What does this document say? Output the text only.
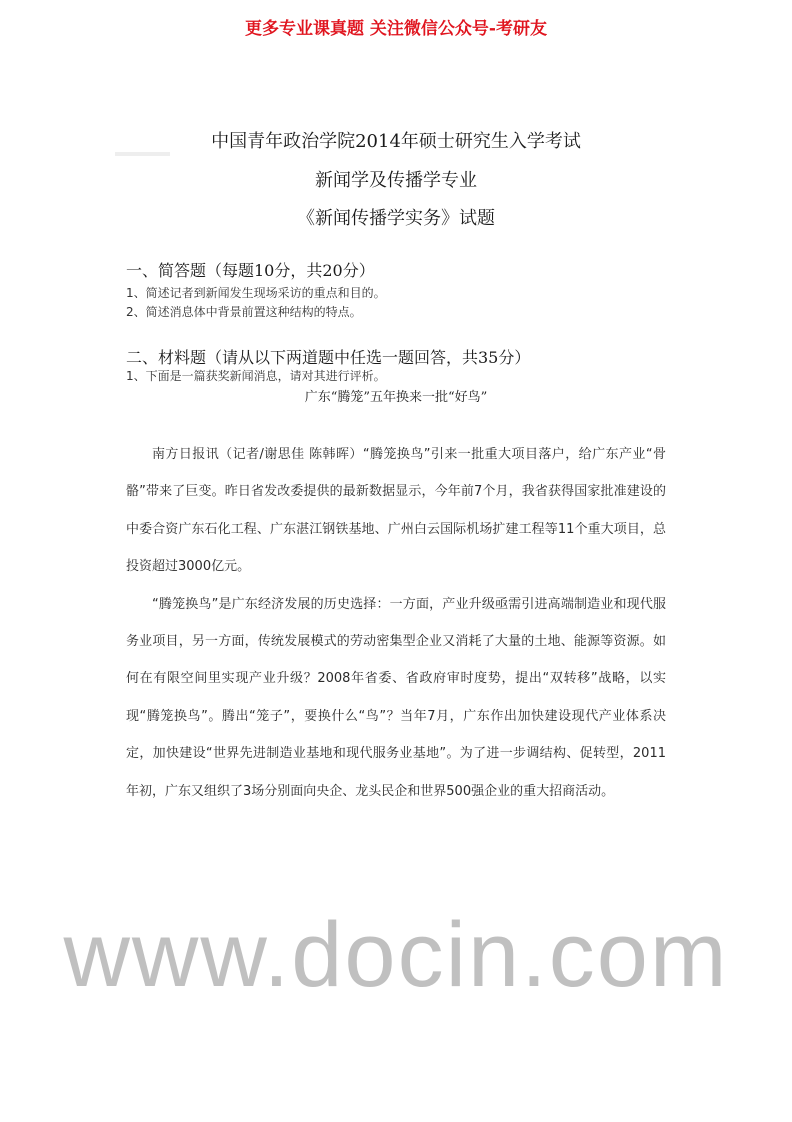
更多专业课真题 关注微信公众号-考研友
中国青年政治学院2014年硕士研究生入学考试
新闻学及传播学专业
《新闻传播学实务》试题
一、简答题（每题10分，共20分）
1、简述记者到新闻发生现场采访的重点和目的。
2、简述消息体中背景前置这种结构的特点。
二、材料题（请从以下两道题中任选一题回答，共35分）
1、下面是一篇获奖新闻消息，请对其进行评析。
广东“腾笼”五年换来一批“好鸟”

南方日报讯（记者/谢思佳 陈韩晖）“腾笼换鸟”引来一批重大项目落户，给广东产业“骨骼”带来了巨变。昨日省发改委提供的最新数据显示，今年前7个月，我省获得国家批准建设的中委合资广东石化工程、广东湛江钢铁基地、广州白云国际机场扩建工程等11个重大项目，总投资超过3000亿元。

“腾笼换鸟”是广东经济发展的历史选择：一方面，产业升级亟需引进高端制造业和现代服务业项目，另一方面，传统发展模式的劳动密集型企业又消耗了大量的土地、能源等资源。如何在有限空间里实现产业升级？2008年省委、省政府审时度势，提出“双转移”战略，以实现“腾笼换鸟”。腾出“笼子”，要换什么“鸟”？当年7月，广东作出加快建设现代产业体系决定，加快建设“世界先进制造业基地和现代服务业基地”。为了进一步调结构、促转型，2011年初，广东又组织了3场分别面向央企、龙头民企和世界500强企业的重大招商活动。

www.docin.com
